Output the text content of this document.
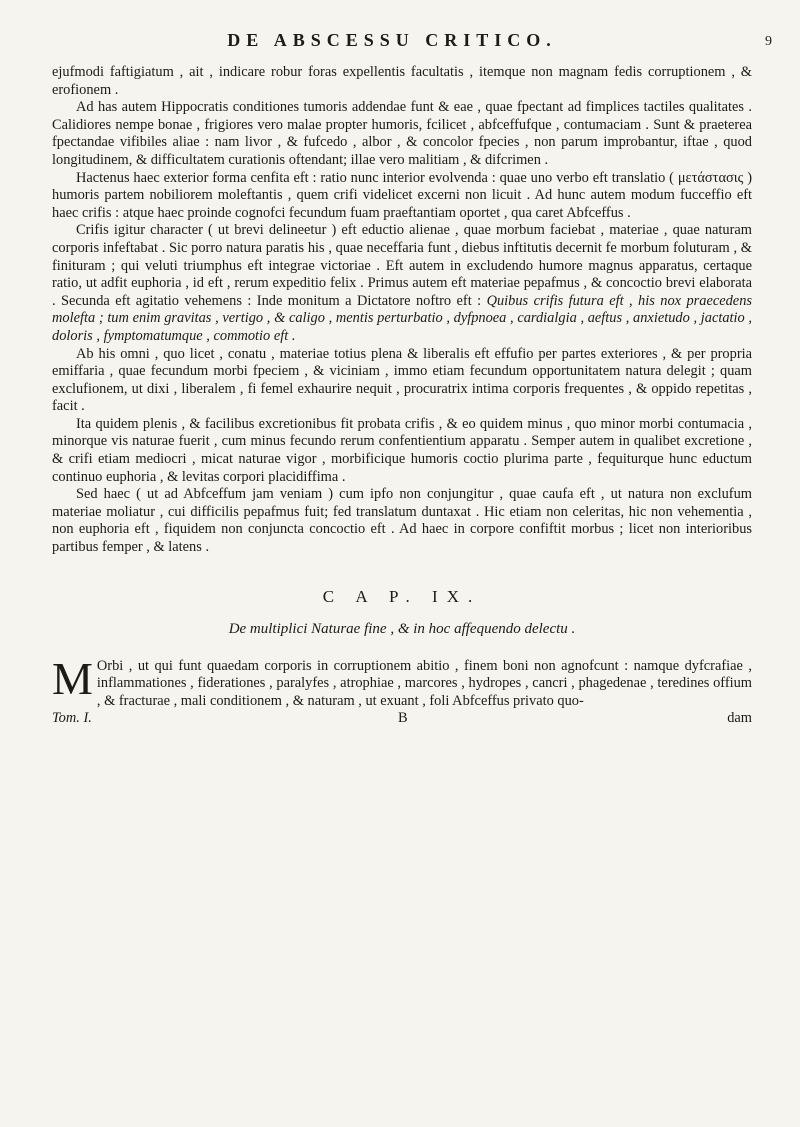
DE ABSCESSU CRITICO.	9

ejufmodi faftigiatum , ait , indicare robur foras expellentis facultatis , itemque non magnam fedis corruptionem , & erofionem .

Ad has autem Hippocratis conditiones tumoris addendae funt & eae , quae fpectant ad fimplices tactiles qualitates . Calidiores nempe bonae , frigiores vero malae propter humoris, fcilicet , abfceffufque , contumaciam . Sunt & praeterea fpectandae vifibiles aliae : nam livor , & fufcedo , albor , & concolor fpecies , non parum improbantur, iftae , quod longitudinem, & difficultatem curationis oftendant; illae vero malitiam , & difcrimen .

Hactenus haec exterior forma cenfita eft : ratio nunc interior evolvenda : quae uno verbo eft translatio ( μετάστασις ) humoris partem nobiliorem moleftantis , quem crifi videlicet excerni non licuit . Ad hunc autem modum fucceffio eft haec crifis : atque haec proinde cognofci fecundum fuam praeftantiam oportet , qua caret Abfceffus .

Crifis igitur character ( ut brevi delineetur ) eft eductio alienae , quae morbum faciebat , materiae , quae naturam corporis infeftabat . Sic porro natura paratis his , quae neceffaria funt , diebus inftitutis decernit fe morbum foluturam , & finituram ; qui veluti triumphus eft integrae victoriae . Eft autem in excludendo humore magnus apparatus, certaque ratio, ut adfit euphoria , id eft , rerum expeditio felix . Primus autem eft materiae pepafmus , & concoctio brevi elaborata . Secunda eft agitatio vehemens : Inde monitum a Dictatore noftro eft : Quibus crifis futura eft , his nox praecedens molefta ; tum enim gravitas , vertigo , & caligo , mentis perturbatio , dyfpnoea , cardialgia , aeftus , anxietudo , jactatio , doloris , fymptomatumque , commotio eft .

Ab his omni , quo licet , conatu , materiae totius plena & liberalis eft effufio per partes exteriores , & per propria emiffaria , quae fecundum morbi fpeciem , & viciniam , immo etiam fecundum opportunitatem natura delegit ; quam exclufionem, ut dixi , liberalem , fi femel exhaurire nequit , procuratrix intima corporis frequentes , & oppido repetitas , facit .

Ita quidem plenis , & facilibus excretionibus fit probata crifis , & eo quidem minus , quo minor morbi contumacia , minorque vis naturae fuerit , cum minus fecundo rerum confentientium apparatu . Semper autem in qualibet excretione , & crifi etiam mediocri , micat naturae vigor , morbificique humoris coctio plurima parte , fequiturque hunc eductum continuo euphoria , & levitas corpori placidiffima .

Sed haec ( ut ad Abfceffum jam veniam ) cum ipfo non conjungitur , quae caufa eft , ut natura non exclufum materiae moliatur , cui difficilis pepafmus fuit; fed translatum duntaxat . Hic etiam non celeritas, hic non vehementia , non euphoria eft , fiquidem non conjuncta concoctio eft . Ad haec in corpore confiftit morbus ; licet non interioribus partibus femper , & latens .

C A P. IX.
De multiplici Naturae fine , & in hoc affequendo delectu .

M Orbi , ut qui funt quaedam corporis in corruptionem abitio , finem boni non agnofcunt : namque dyfcrafiae , inflammationes , fiderationes , paralyfes , atrophiae , marcores , hydropes , cancri , phagedenae , teredines offium , & fracturae , mali conditionem , & naturam , ut exuant , foli Abfceffus privato quo-

Tom. I.	B	dam
